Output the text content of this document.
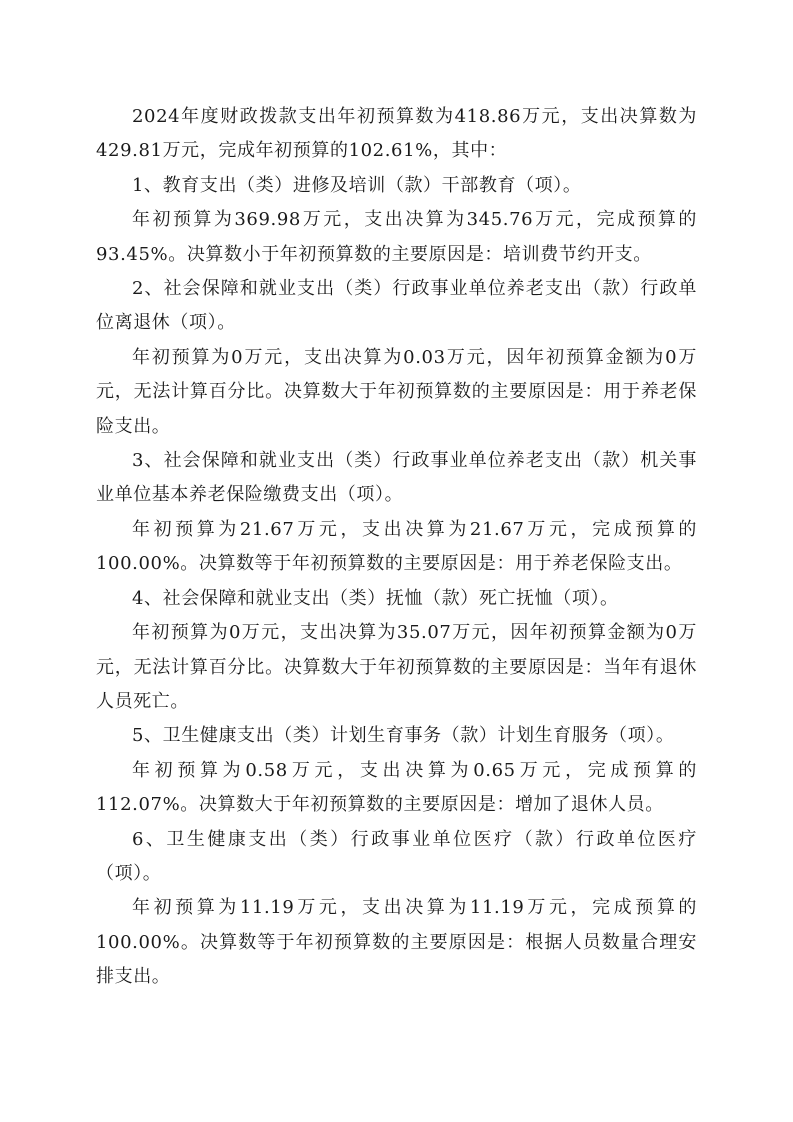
2024年度财政拨款支出年初预算数为418.86万元，支出决算数为429.81万元，完成年初预算的102.61%，其中：

1、教育支出（类）进修及培训（款）干部教育（项）。

年初预算为369.98万元，支出决算为345.76万元，完成预算的93.45%。决算数小于年初预算数的主要原因是：培训费节约开支。

2、社会保障和就业支出（类）行政事业单位养老支出（款）行政单位离退休（项）。

年初预算为0万元，支出决算为0.03万元，因年初预算金额为0万元，无法计算百分比。决算数大于年初预算数的主要原因是：用于养老保险支出。

3、社会保障和就业支出（类）行政事业单位养老支出（款）机关事业单位基本养老保险缴费支出（项）。

年初预算为21.67万元，支出决算为21.67万元，完成预算的100.00%。决算数等于年初预算数的主要原因是：用于养老保险支出。

4、社会保障和就业支出（类）抚恤（款）死亡抚恤（项）。

年初预算为0万元，支出决算为35.07万元，因年初预算金额为0万元，无法计算百分比。决算数大于年初预算数的主要原因是：当年有退休人员死亡。

5、卫生健康支出（类）计划生育事务（款）计划生育服务（项）。

年初预算为0.58万元，支出决算为0.65万元，完成预算的112.07%。决算数大于年初预算数的主要原因是：增加了退休人员。

6、卫生健康支出（类）行政事业单位医疗（款）行政单位医疗（项）。

年初预算为11.19万元，支出决算为11.19万元，完成预算的100.00%。决算数等于年初预算数的主要原因是：根据人员数量合理安排支出。
